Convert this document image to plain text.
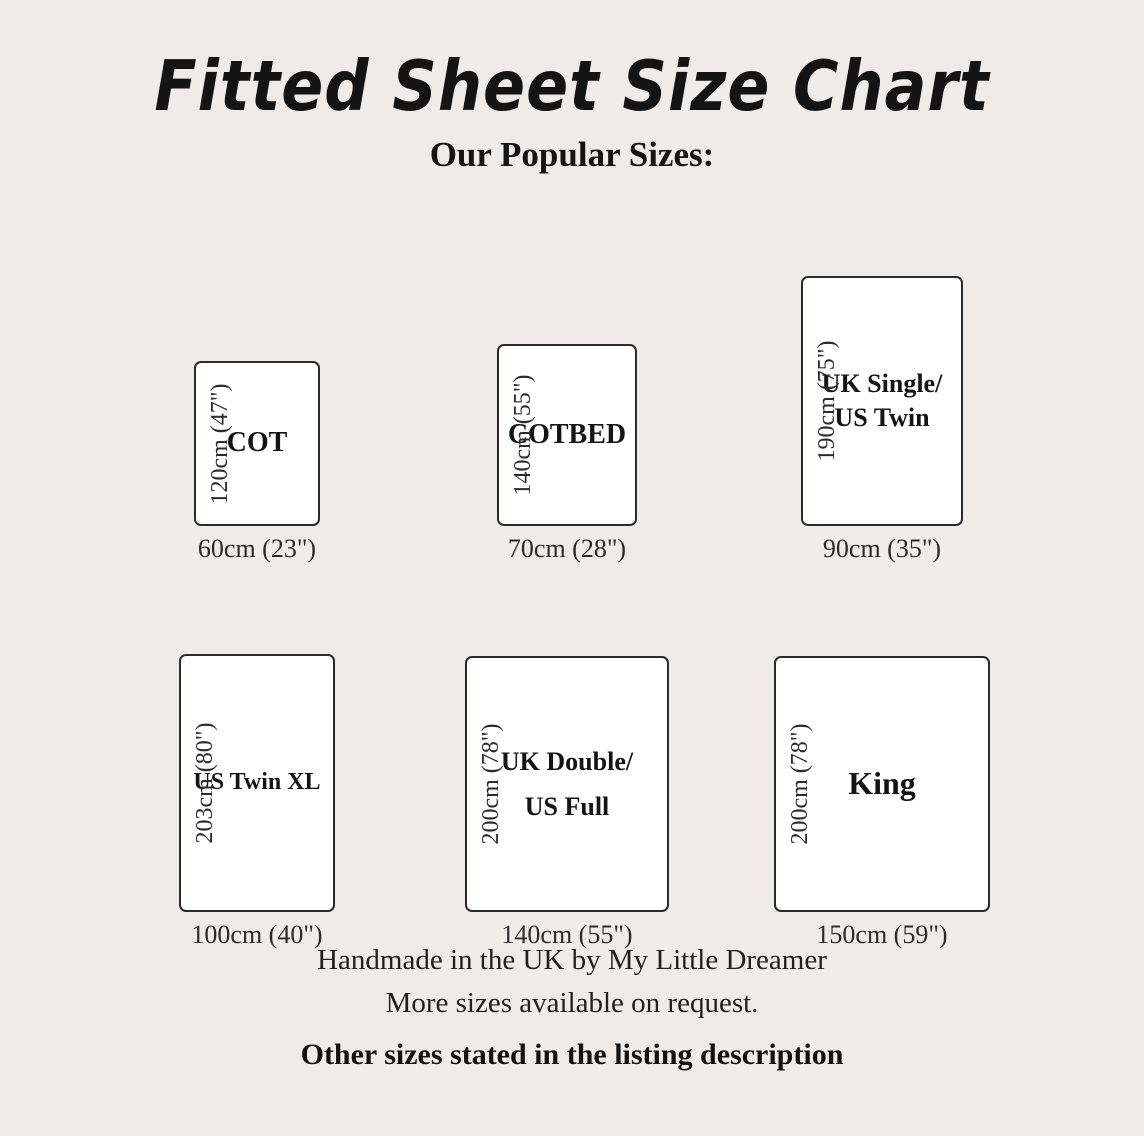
Fitted Sheet Size Chart
Our Popular Sizes:
120cm (47")
COT
60cm (23")
140cm (55")
COTBED
70cm (28")
190cm (75")
UK Single/
US Twin
90cm (35")
203cm (80")
US Twin XL
100cm (40")
200cm (78")
UK Double/
US Full
140cm (55")
200cm (78") King
150cm (59")
Handmade in the UK by My Little Dreamer
More sizes available on request.
Other sizes stated in the listing description
